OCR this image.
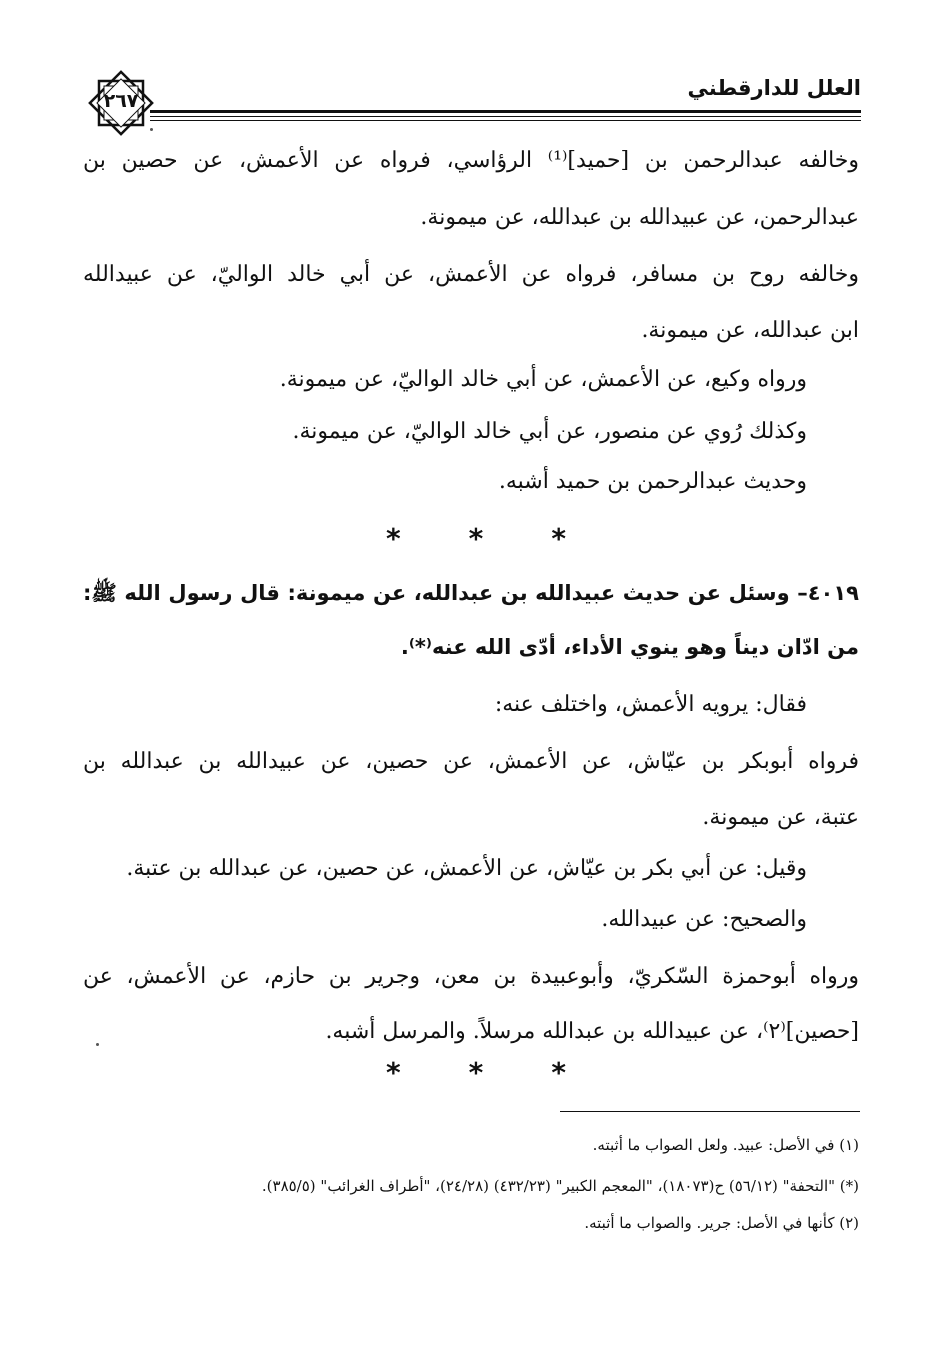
العلل للدارقطني
٢٦٧
وخالفه عبدالرحمن بن [حميد]⁽¹⁾ الرؤاسي، فرواه عن الأعمش، عن حصين بن
عبدالرحمن، عن عبيدالله بن عبدالله، عن ميمونة.
وخالفه روح بن مسافر، فرواه عن الأعمش، عن أبي خالد الواليّ، عن عبيدالله
ابن عبدالله، عن ميمونة.
ورواه وكيع، عن الأعمش، عن أبي خالد الواليّ، عن ميمونة.
وكذلك رُوي عن منصور، عن أبي خالد الواليّ، عن ميمونة.
وحديث عبدالرحمن بن حميد أشبه.
* * *
٤٠١٩– وسئل عن حديث عبيدالله بن عبدالله، عن ميمونة: قال رسول الله ﷺ:
من ادّان ديناً وهو ينوي الأداء، أدّى الله عنه⁽*⁾.
فقال: يرويه الأعمش، واختلف عنه:
فرواه أبوبكر بن عيّاش، عن الأعمش، عن حصين، عن عبيدالله بن عبدالله بن
عتبة، عن ميمونة.
وقيل: عن أبي بكر بن عيّاش، عن الأعمش، عن حصين، عن عبدالله بن عتبة.
والصحيح: عن عبيدالله.
ورواه أبوحمزة السّكريّ، وأبوعبيدة بن معن، وجرير بن حازم، عن الأعمش، عن
[حصين]⁽٢⁾، عن عبيدالله بن عبدالله مرسلاً. والمرسل أشبه.
* * *
(١) في الأصل: عبيد. ولعل الصواب ما أثبته.
(*) "التحفة" (٥٦/١٢) ح(١٨٠٧٣)، "المعجم الكبير" (٤٣٢/٢٣) (٢٤/٢٨)، "أطراف الغرائب" (٣٨٥/٥).
(٢) كأنها في الأصل: جرير. والصواب ما أثبته.
